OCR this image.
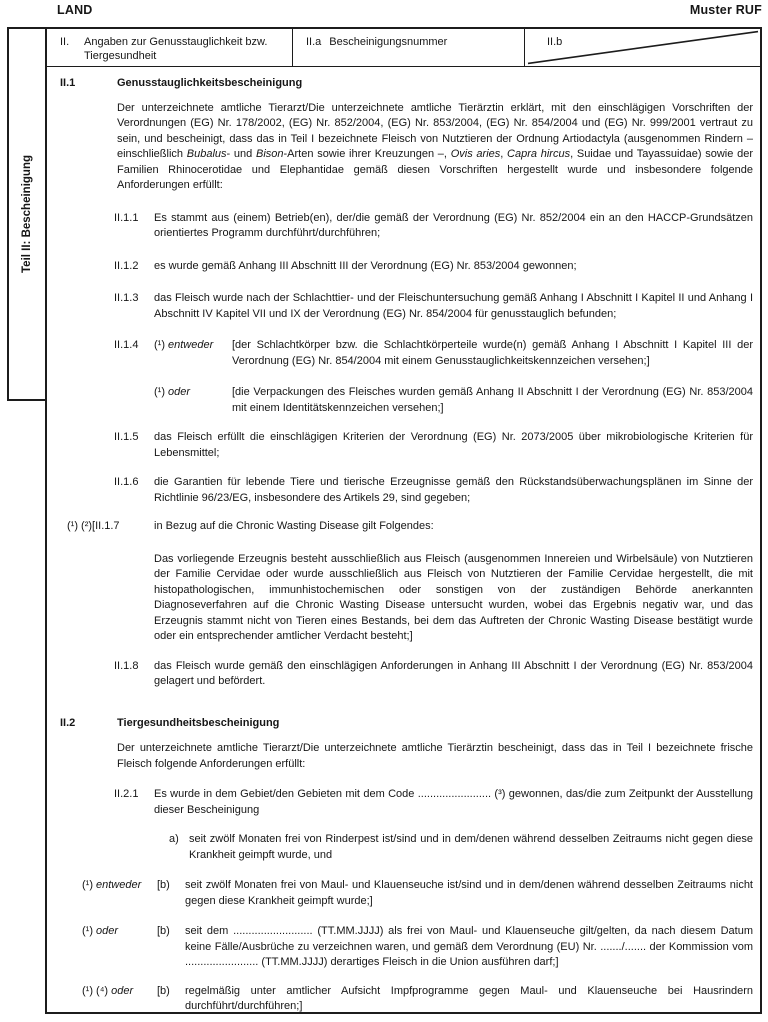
LAND	Muster RUF
Teil II: Bescheinigung
II.	Angaben zur Genusstauglichkeit bzw. Tiergesundheit
II.a Bescheinigungsnummer	II.b
II.1	Genusstauglichkeitsbescheinigung

Der unterzeichnete amtliche Tierarzt/Die unterzeichnete amtliche Tierärztin erklärt, mit den einschlägigen Vorschriften der Verordnungen (EG) Nr. 178/2002, (EG) Nr. 852/2004, (EG) Nr. 853/2004, (EG) Nr. 854/2004 und (EG) Nr. 999/2001 vertraut zu sein, und bescheinigt, dass das in Teil I bezeichnete Fleisch von Nutztieren der Ordnung Artiodactyla (ausgenommen Rindern – einschließlich Bubalus- und Bison-Arten sowie ihrer Kreuzungen –, Ovis aries, Capra hircus, Suidae und Tayassuidae) sowie der Familien Rhinocerotidae und Elephantidae gemäß diesen Vorschriften hergestellt wurde und insbesondere folgende Anforderungen erfüllt:

II.1.1	Es stammt aus (einem) Betrieb(en), der/die gemäß der Verordnung (EG) Nr. 852/2004 ein an den HACCP-Grundsätzen orientiertes Programm durchführt/durchführen;
II.1.2	es wurde gemäß Anhang III Abschnitt III der Verordnung (EG) Nr. 853/2004 gewonnen;
II.1.3	das Fleisch wurde nach der Schlachttier- und der Fleischuntersuchung gemäß Anhang I Abschnitt I Kapitel II und Anhang I Abschnitt IV Kapitel VII und IX der Verordnung (EG) Nr. 854/2004 für genusstauglich befunden;
II.1.4	(¹) entweder	[der Schlachtkörper bzw. die Schlachtkörperteile wurde(n) gemäß Anhang I Abschnitt I Kapitel III der Verordnung (EG) Nr. 854/2004 mit einem Genusstauglichkeitskennzeichen versehen;]
(¹) oder	[die Verpackungen des Fleisches wurden gemäß Anhang II Abschnitt I der Verordnung (EG) Nr. 853/2004 mit einem Identitätskennzeichen versehen;]
II.1.5	das Fleisch erfüllt die einschlägigen Kriterien der Verordnung (EG) Nr. 2073/2005 über mikrobiologische Kriterien für Lebensmittel;
II.1.6	die Garantien für lebende Tiere und tierische Erzeugnisse gemäß den Rückstandsüberwachungsplänen im Sinne der Richtlinie 96/23/EG, insbesondere des Artikels 29, sind gegeben;
(¹) (²)[II.1.7	in Bezug auf die Chronic Wasting Disease gilt Folgendes:

Das vorliegende Erzeugnis besteht ausschließlich aus Fleisch (ausgenommen Innereien und Wirbelsäule) von Nutztieren der Familie Cervidae oder wurde ausschließlich aus Fleisch von Nutztieren der Familie Cervidae hergestellt, die mit histopathologischen, immunhistochemischen oder sonstigen von der zuständigen Behörde anerkannten Diagnoseverfahren auf die Chronic Wasting Disease untersucht wurden, wobei das Ergebnis negativ war, und das Erzeugnis stammt nicht von Tieren eines Bestands, bei dem das Auftreten der Chronic Wasting Disease bestätigt wurde oder ein entsprechender amtlicher Verdacht besteht;]

II.1.8	das Fleisch wurde gemäß den einschlägigen Anforderungen in Anhang III Abschnitt I der Verordnung (EG) Nr. 853/2004 gelagert und befördert.
II.2	Tiergesundheitsbescheinigung

Der unterzeichnete amtliche Tierarzt/Die unterzeichnete amtliche Tierärztin bescheinigt, dass das in Teil I bezeichnete frische Fleisch folgende Anforderungen erfüllt:

II.2.1	Es wurde in dem Gebiet/den Gebieten mit dem Code ........................ (³) gewonnen, das/die zum Zeitpunkt der Ausstellung dieser Bescheinigung
a) seit zwölf Monaten frei von Rinderpest ist/sind und in dem/denen während desselben Zeitraums nicht gegen diese Krankheit geimpft wurde, und
(¹) entweder	[b)	seit zwölf Monaten frei von Maul- und Klauenseuche ist/sind und in dem/denen während desselben Zeitraums nicht gegen diese Krankheit geimpft wurde;]
(¹) oder	[b)	seit dem .......................... (TT.MM.JJJJ) als frei von Maul- und Klauenseuche gilt/gelten, da nach diesem Datum keine Fälle/Ausbrüche zu verzeichnen waren, und gemäß dem Verordnung (EU) Nr. ......./....... der Kommission vom ........................ (TT.MM.JJJJ) derartiges Fleisch in die Union ausführen darf;]
(¹) (⁴) oder	[b)	regelmäßig unter amtlicher Aufsicht Impfprogramme gegen Maul- und Klauenseuche bei Hausrindern durchführt/durchführen;]
